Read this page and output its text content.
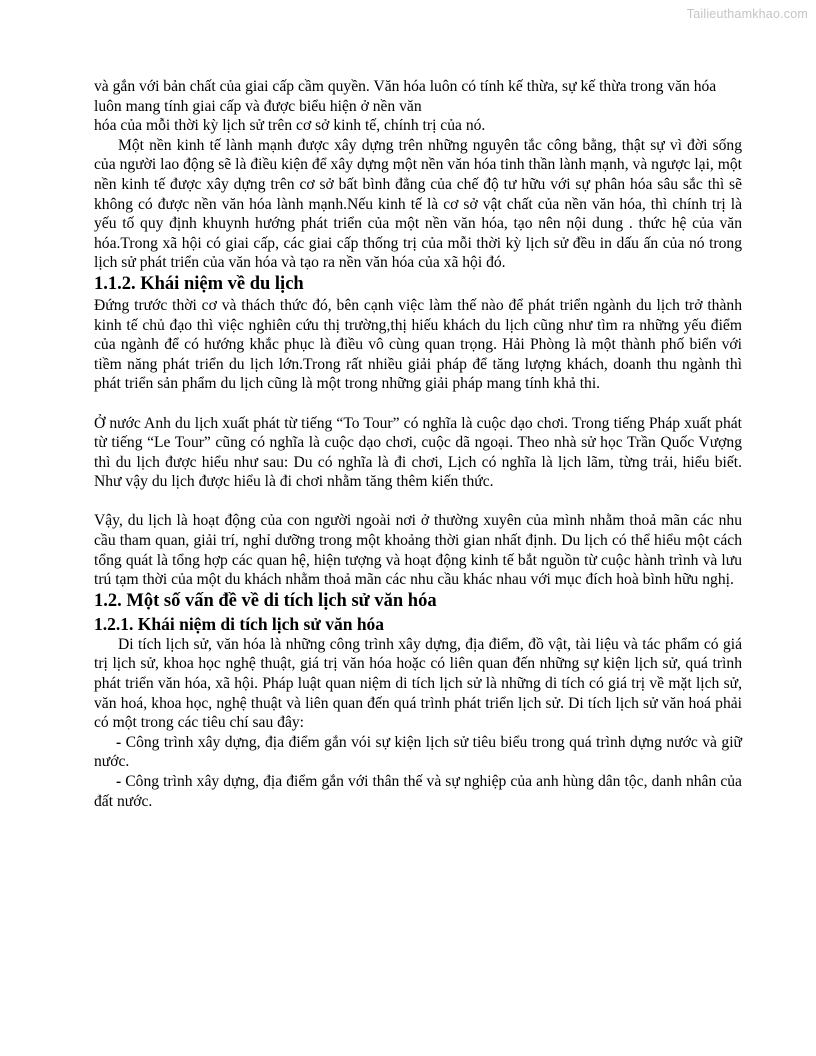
Tailieuthamkhao.com

và gắn với bản chất của giai cấp cầm quyền. Văn hóa luôn có tính kế thừa, sự kế thừa trong văn hóa luôn mang tính giai cấp và được biểu hiện ở nền văn

hóa của mỗi thời kỳ lịch sử trên cơ sở kinh tế, chính trị của nó.

Một nền kinh tế lành mạnh được xây dựng trên những nguyên tắc công bằng, thật sự vì đời sống của người lao động sẽ là điều kiện để xây dựng một nền văn hóa tinh thần lành mạnh, và ngược lại, một nền kinh tế được xây dựng trên cơ sở bất bình đẳng của chế độ tư hữu với sự phân hóa sâu sắc thì sẽ không có được nền văn hóa lành mạnh.Nếu kinh tế là cơ sở vật chất của nền văn hóa, thì chính trị là yếu tố quy định khuynh hướng phát triển của một nền văn hóa, tạo nên nội dung . thức hệ của văn hóa.Trong xã hội có giai cấp, các giai cấp thống trị của mỗi thời kỳ lịch sử đều in dấu ấn của nó trong lịch sử phát triển của văn hóa và tạo ra nền văn hóa của xã hội đó.

1.1.2. Khái niệm về du lịch

Đứng trước thời cơ và thách thức đó, bên cạnh việc làm thế nào để phát triển ngành du lịch trở thành kinh tế chủ đạo thì việc nghiên cứu thị trường,thị hiếu khách du lịch cũng như tìm ra những yếu điểm của ngành để có hướng khắc phục là điều vô cùng quan trọng. Hải Phòng là một thành phố biển với tiềm năng phát triển du lịch lớn.Trong rất nhiều giải pháp để tăng lượng khách, doanh thu ngành thì phát triển sản phẩm du lịch cũng là một trong những giải pháp mang tính khả thi.

Ở nước Anh du lịch xuất phát từ tiếng “To Tour” có nghĩa là cuộc dạo chơi. Trong tiếng Pháp xuất phát từ tiếng “Le Tour” cũng có nghĩa là cuộc dạo chơi, cuộc dã ngoại. Theo nhà sử học Trần Quốc Vượng thì du lịch được hiểu như sau: Du có nghĩa là đi chơi, Lịch có nghĩa là lịch lãm, từng trải, hiểu biết. Như vậy du lịch được hiểu là đi chơi nhằm tăng thêm kiến thức.

Vậy, du lịch là hoạt động của con người ngoài nơi ở thường xuyên của mình nhằm thoả mãn các nhu cầu tham quan, giải trí, nghỉ dưỡng trong một khoảng thời gian nhất định. Du lịch có thể hiểu một cách tổng quát là tổng hợp các quan hệ, hiện tượng và hoạt động kinh tế bắt nguồn từ cuộc hành trình và lưu trú tạm thời của một du khách nhằm thoả mãn các nhu cầu khác nhau với mục đích hoà bình hữu nghị.

1.2. Một số vấn đề về di tích lịch sử văn hóa
1.2.1. Khái niệm di tích lịch sử văn hóa

Di tích lịch sử, văn hóa là những công trình xây dựng, địa điểm, đồ vật, tài liệu và tác phẩm có giá trị lịch sử, khoa học nghệ thuật, giá trị văn hóa hoặc có liên quan đến những sự kiện lịch sử, quá trình phát triển văn hóa, xã hội. Pháp luật quan niệm di tích lịch sử là những di tích có giá trị về mặt lịch sử, văn hoá, khoa học, nghệ thuật và liên quan đến quá trình phát triển lịch sử. Di tích lịch sử văn hoá phải có một trong các tiêu chí sau đây:

- Công trình xây dựng, địa điểm gắn vói sự kiện lịch sử tiêu biểu trong quá trình dựng nước và giữ nước.

- Công trình xây dựng, địa điểm gắn với thân thế và sự nghiệp của anh hùng dân tộc, danh nhân của đất nước.
